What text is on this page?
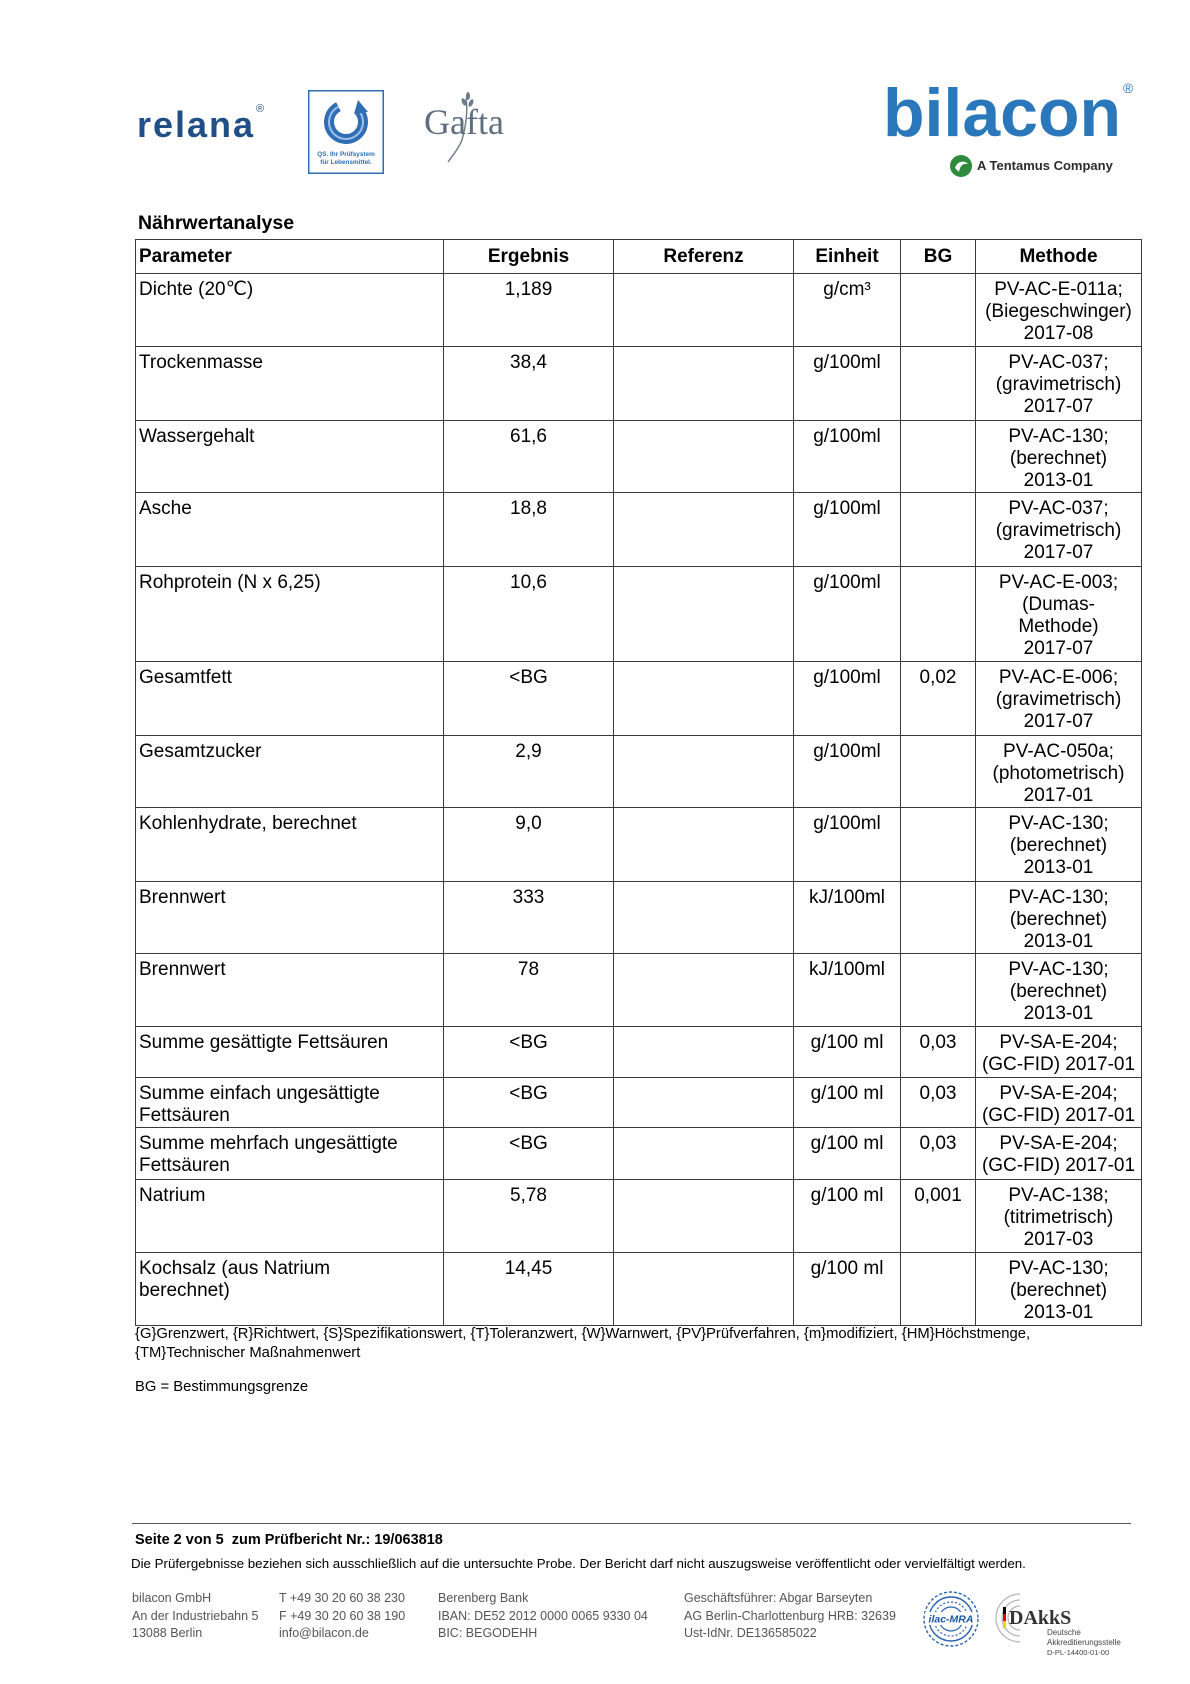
relana ®
QS. Ihr Prüfsystem
für Lebensmittel.
Gafta	bilacon ®
A Tentamus Company
Nährwertanalyse
Parameter	Ergebnis	Referenz	Einheit	BG	Methode
Dichte (20℃)	1,189		g/cm³		PV-AC-E-011a;
(Biegeschwinger)
2017-08
Trockenmasse	38,4		g/100ml		PV-AC-037;
(gravimetrisch)
2017-07
Wassergehalt	61,6		g/100ml		PV-AC-130;
(berechnet)
2013-01
Asche	18,8		g/100ml		PV-AC-037;
(gravimetrisch)
2017-07
Rohprotein (N x 6,25)	10,6		g/100ml		PV-AC-E-003;
(Dumas-
Methode)
2017-07
Gesamtfett	<BG		g/100ml	0,02	PV-AC-E-006;
(gravimetrisch)
2017-07
Gesamtzucker	2,9		g/100ml		PV-AC-050a;
(photometrisch)
2017-01
Kohlenhydrate, berechnet	9,0		g/100ml		PV-AC-130;
(berechnet)
2013-01
Brennwert	333		kJ/100ml		PV-AC-130;
(berechnet)
2013-01
Brennwert	78		kJ/100ml		PV-AC-130;
(berechnet)
2013-01
Summe gesättigte Fettsäuren	<BG		g/100 ml	0,03	PV-SA-E-204;
(GC-FID) 2017-01
Summe einfach ungesättigte
Fettsäuren	<BG		g/100 ml	0,03	PV-SA-E-204;
(GC-FID) 2017-01
Summe mehrfach ungesättigte
Fettsäuren	<BG		g/100 ml	0,03	PV-SA-E-204;
(GC-FID) 2017-01
Natrium	5,78		g/100 ml	0,001	PV-AC-138;
(titrimetrisch)
2017-03
Kochsalz (aus Natrium
berechnet)	14,45		g/100 ml		PV-AC-130;
(berechnet)
2013-01
{G}Grenzwert, {R}Richtwert, {S}Spezifikationswert, {T}Toleranzwert, {W}Warnwert, {PV}Prüfverfahren, {m}modifiziert, {HM}Höchstmenge,
{TM}Technischer Maßnahmenwert
BG = Bestimmungsgrenze
Seite 2 von 5  zum Prüfbericht Nr.: 19/063818
Die Prüfergebnisse beziehen sich ausschließlich auf die untersuchte Probe. Der Bericht darf nicht auszugsweise veröffentlicht oder vervielfältigt werden.
bilacon GmbH
An der Industriebahn 5
13088 Berlin
T +49 30 20 60 38 230
F +49 30 20 60 38 190
info@bilacon.de
Berenberg Bank
IBAN: DE52 2012 0000 0065 9330 04
BIC: BEGODEHH
Geschäftsführer: Abgar Barseyten
AG Berlin-Charlottenburg HRB: 32639
Ust-IdNr. DE136585022
ilac-MRA DAkkS
Deutsche
Akkreditierungsstelle
D-PL-14400-01-00
